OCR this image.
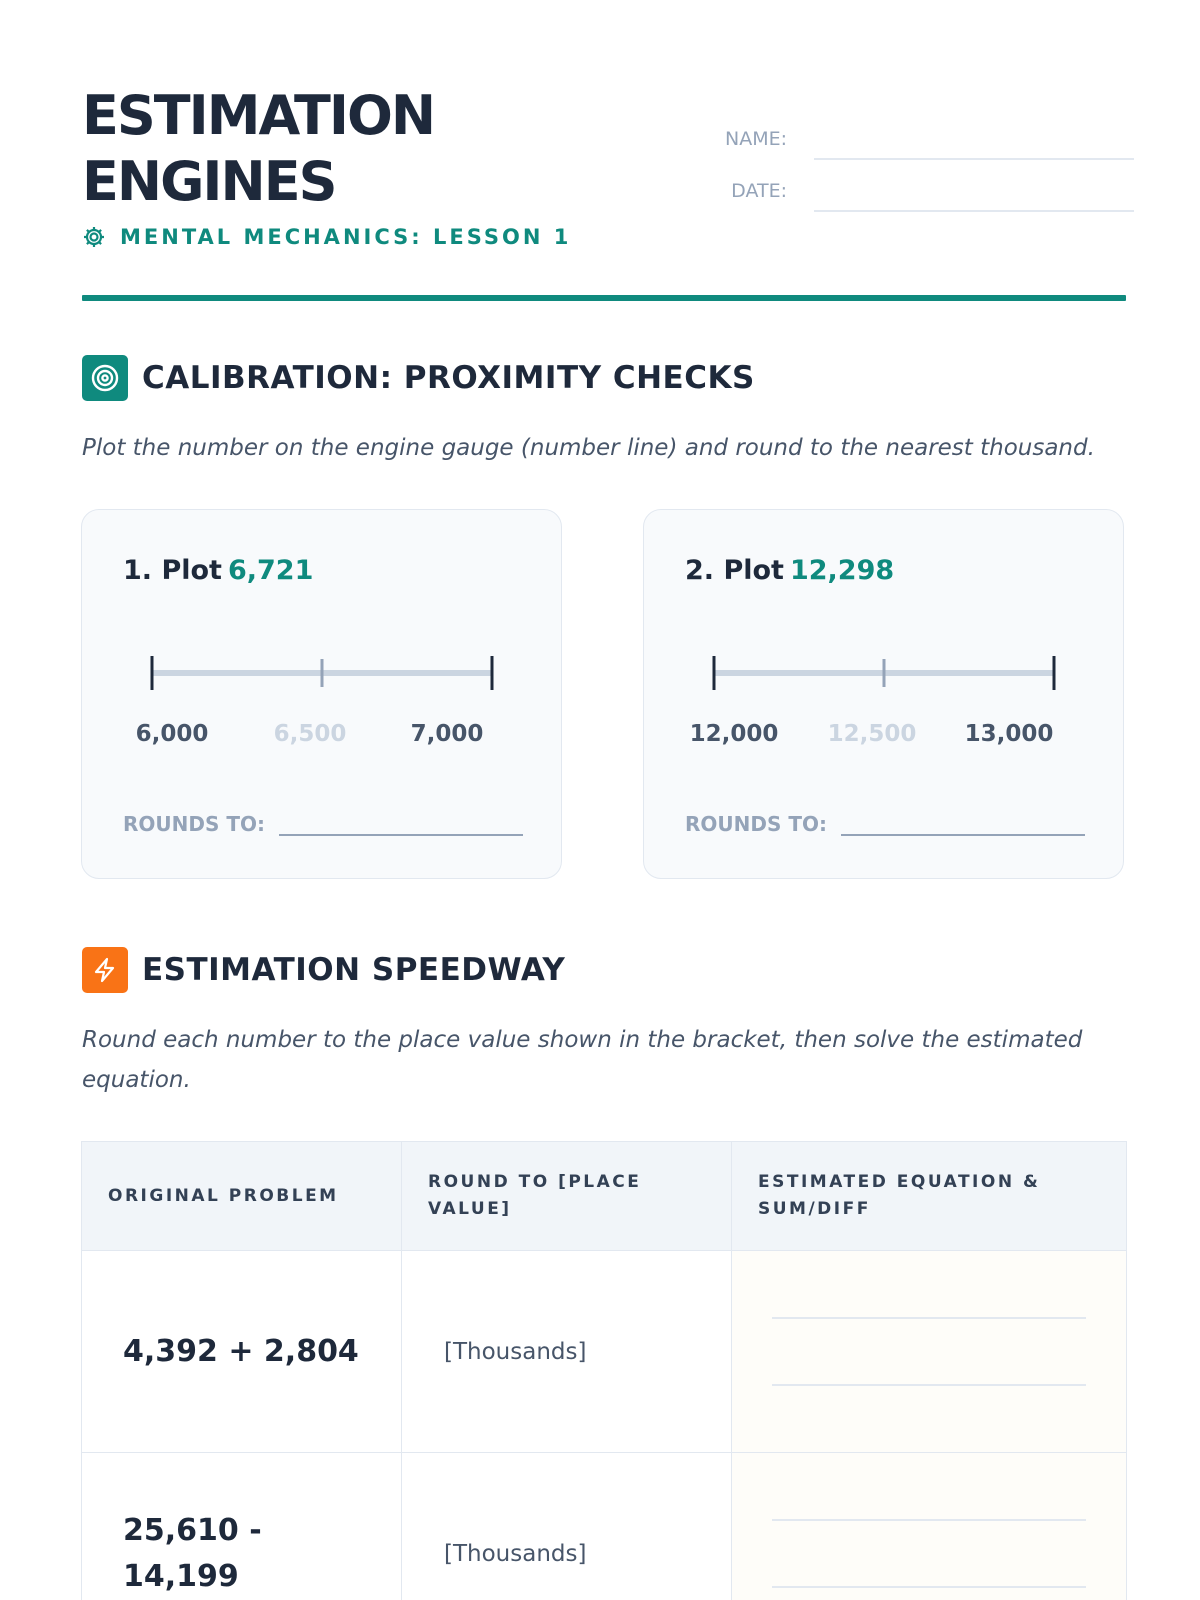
ESTIMATION
ENGINES
MENTAL MECHANICS: LESSON 1
NAME:
DATE:
CALIBRATION: PROXIMITY CHECKS
Plot the number on the engine gauge (number line) and round to the nearest thousand.
1. Plot 6,721
6,000	6,500	7,000
ROUNDS TO:
2. Plot 12,298
12,000 12,500 13,000
ROUNDS TO:
ESTIMATION SPEEDWAY
Round each number to the place value shown in the bracket, then solve the estimated equation.
ORIGINAL PROBLEM	ROUND TO [PLACE VALUE]	ESTIMATED EQUATION & SUM/DIFF
4,392 + 2,804	[Thousands]	

25,610 - 14,199	[Thousands]	
